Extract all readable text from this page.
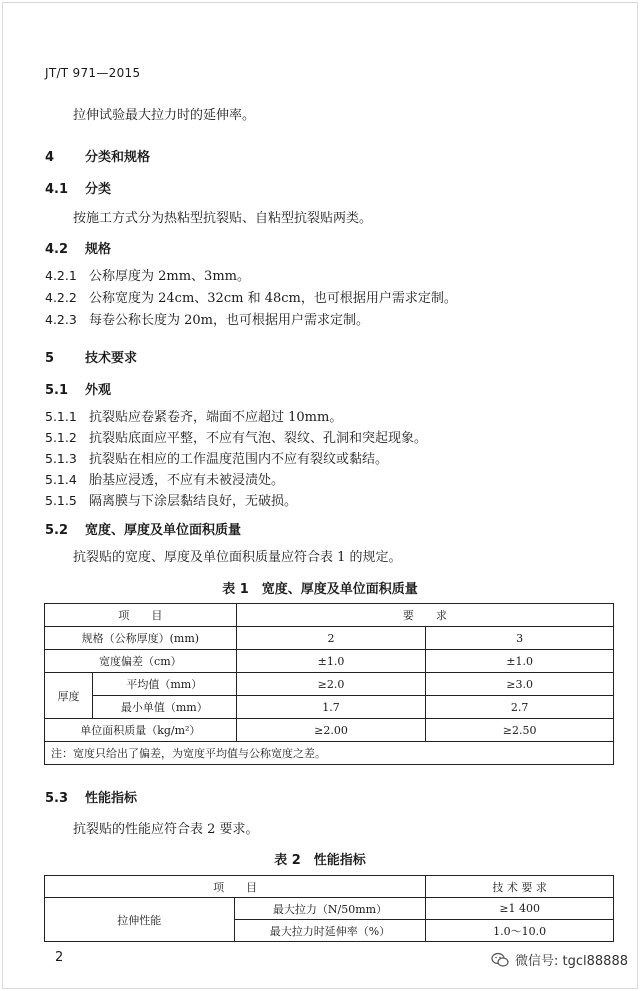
JT/T 971—2015
拉伸试验最大拉力时的延伸率。
4 分类和规格
4.1 分类
按施工方式分为热粘型抗裂贴、自粘型抗裂贴两类。
4.2 规格
4.2.1 公称厚度为 2mm、3mm。
4.2.2 公称宽度为 24cm、32cm 和 48cm，也可根据用户需求定制。
4.2.3 每卷公称长度为 20m，也可根据用户需求定制。
5 技术要求
5.1 外观
5.1.1 抗裂贴应卷紧卷齐，端面不应超过 10mm。
5.1.2 抗裂贴底面应平整，不应有气泡、裂纹、孔洞和突起现象。
5.1.3 抗裂贴在相应的工作温度范围内不应有裂纹或黏结。
5.1.4 胎基应浸透，不应有未被浸渍处。
5.1.5 隔离膜与下涂层黏结良好，无破损。
5.2 宽度、厚度及单位面积质量
抗裂贴的宽度、厚度及单位面积质量应符合表 1 的规定。
表 1　宽度、厚度及单位面积质量
项　　目		要　　求	
规格（公称厚度）(mm)		2	3
宽度偏差（cm）		±1.0	±1.0
厚度	平均值（mm）	≥2.0	≥3.0
	最小单值（mm）	1.7	2.7
单位面积质量（kg/m²）		≥2.00	≥2.50
注：宽度只给出了偏差，为宽度平均值与公称宽度之差。			
5.3 性能指标
抗裂贴的性能应符合表 2 要求。
表 2　性能指标
项　　目		技 术 要 求
拉伸性能	最大拉力（N/50mm）	≥1 400
	最大拉力时延伸率（%）	1.0～10.0
2	微信号: tgcl88888
